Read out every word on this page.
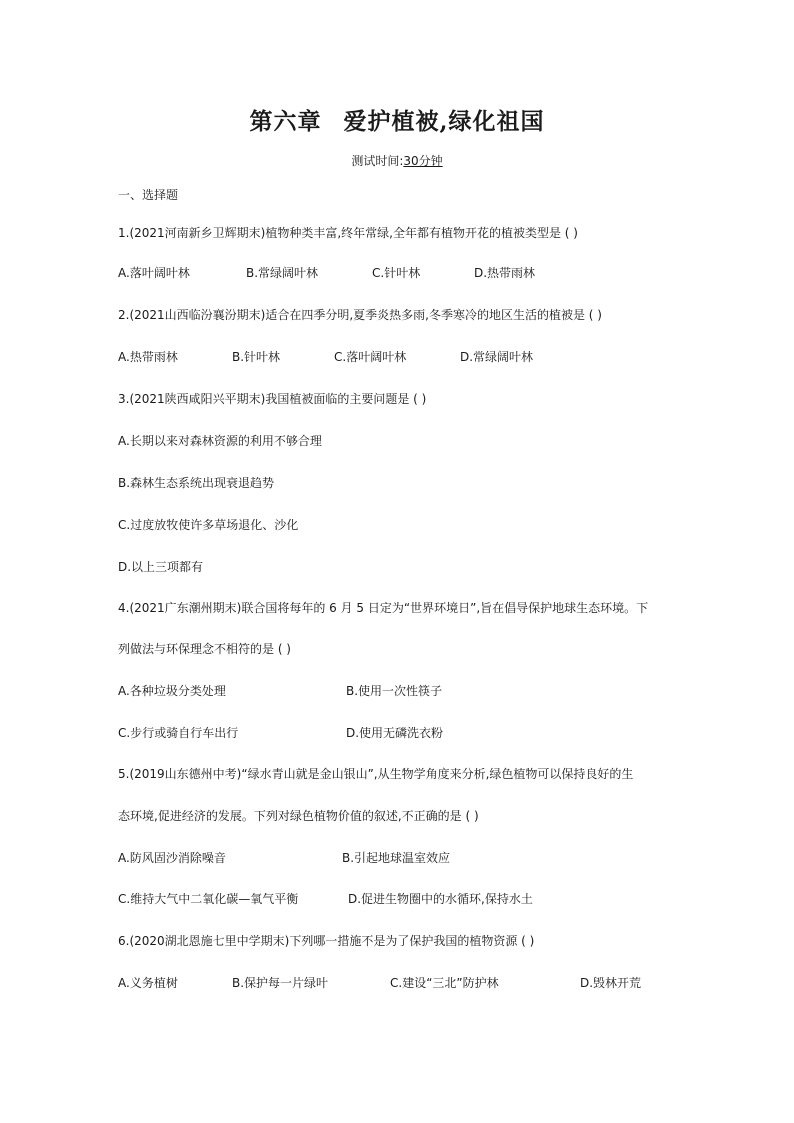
第六章 爱护植被,绿化祖国
测试时间:30分钟
一、选择题
1.(2021河南新乡卫辉期末)植物种类丰富,终年常绿,全年都有植物开花的植被类型是 ( )
A.落叶阔叶林	B.常绿阔叶林	C.针叶林	D.热带雨林
2.(2021山西临汾襄汾期末)适合在四季分明,夏季炎热多雨,冬季寒冷的地区生活的植被是 ( )
A.热带雨林	B.针叶林	C.落叶阔叶林	D.常绿阔叶林
3.(2021陕西咸阳兴平期末)我国植被面临的主要问题是 ( )
A.长期以来对森林资源的利用不够合理
B.森林生态系统出现衰退趋势
C.过度放牧使许多草场退化、沙化
D.以上三项都有
4.(2021广东潮州期末)联合国将每年的 6 月 5 日定为“世界环境日”,旨在倡导保护地球生态环境。下
列做法与环保理念不相符的是 ( )
A.各种垃圾分类处理	B.使用一次性筷子
C.步行或骑自行车出行	D.使用无磷洗衣粉
5.(2019山东德州中考)“绿水青山就是金山银山”,从生物学角度来分析,绿色植物可以保持良好的生
态环境,促进经济的发展。下列对绿色植物价值的叙述,不正确的是 ( )
A.防风固沙消除噪音	B.引起地球温室效应
C.维持大气中二氧化碳—氧气平衡	D.促进生物圈中的水循环,保持水土
6.(2020湖北恩施七里中学期末)下列哪一措施不是为了保护我国的植物资源 ( )
A.义务植树	B.保护每一片绿叶	C.建设“三北”防护林	D.毁林开荒
